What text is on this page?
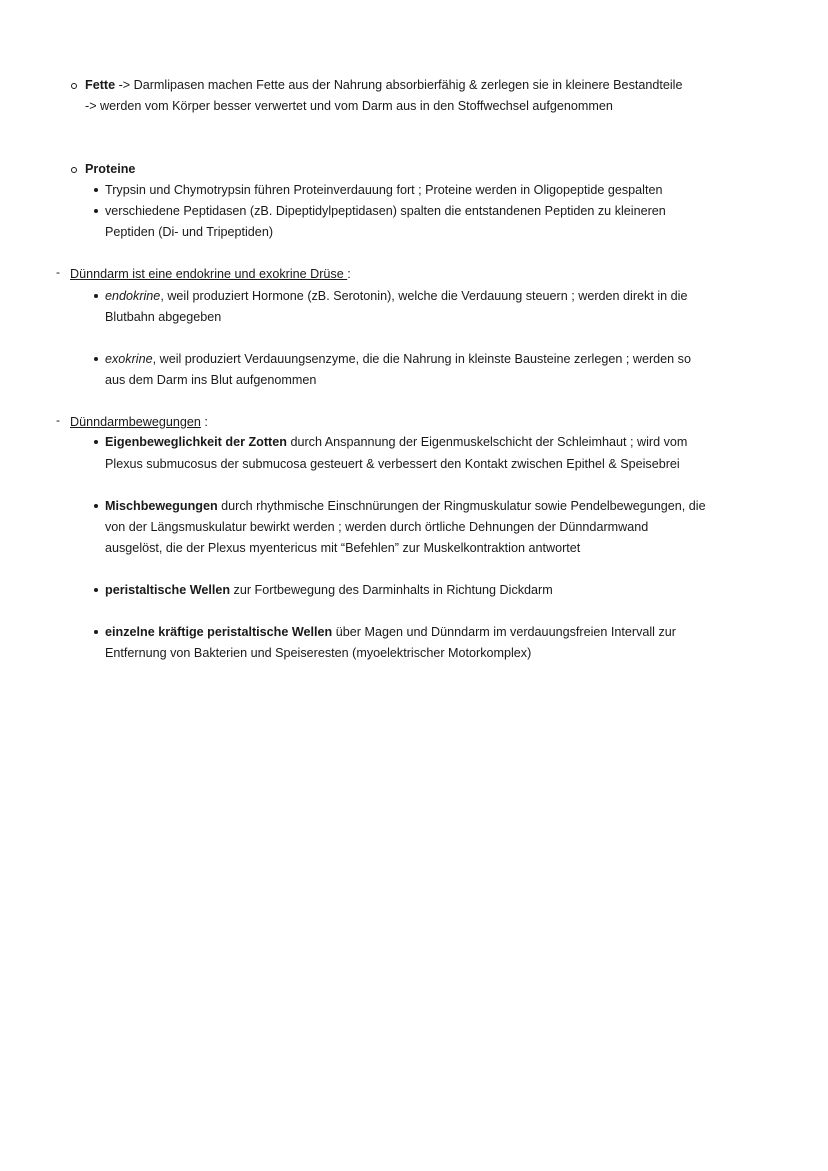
Fette -> Darmlipasen machen Fette aus der Nahrung absorbierfähig & zerlegen sie in kleinere Bestandteile
-> werden vom Körper besser verwertet und vom Darm aus in den Stoffwechsel aufgenommen
Proteine
Trypsin und Chymotrypsin führen Proteinverdauung fort ; Proteine werden in Oligopeptide gespalten
verschiedene Peptidasen (zB. Dipeptidylpeptidasen) spalten die entstandenen Peptiden zu kleineren
Peptiden (Di- und Tripeptiden)
- Dünndarm ist eine endokrine und exokrine Drüse :
endokrine, weil produziert Hormone (zB. Serotonin), welche die Verdauung steuern ; werden direkt in die
Blutbahn abgegeben
exokrine, weil produziert Verdauungsenzyme, die die Nahrung in kleinste Bausteine zerlegen ; werden so
aus dem Darm ins Blut aufgenommen
- Dünndarmbewegungen :
Eigenbeweglichkeit der Zotten durch Anspannung der Eigenmuskelschicht der Schleimhaut ; wird vom
Plexus submucosus der submucosa gesteuert & verbessert den Kontakt zwischen Epithel & Speisebrei
Mischbewegungen durch rhythmische Einschnürungen der Ringmuskulatur sowie Pendelbewegungen, die
von der Längsmuskulatur bewirkt werden ; werden durch örtliche Dehnungen der Dünndarmwand
ausgelöst, die der Plexus myentericus mit “Befehlen” zur Muskelkontraktion antwortet
peristaltische Wellen zur Fortbewegung des Darminhalts in Richtung Dickdarm
einzelne kräftige peristaltische Wellen über Magen und Dünndarm im verdauungsfreien Intervall zur
Entfernung von Bakterien und Speiseresten (myoelektrischer Motorkomplex)
